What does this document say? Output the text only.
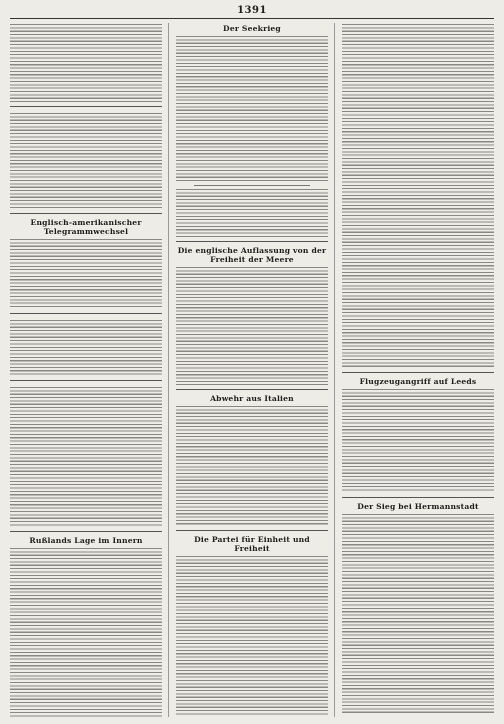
1391
Englisch-amerikanischer Telegrammwechsel
Rußlands Lage im Innern
Der Seekrieg
Die englische Auflassung von der Freiheit der Meere
Abwehr aus Italien
Die Partei für Einheit und Freiheit
Flugzeugangriff auf Leeds
Der Sieg bei Hermannstadt
